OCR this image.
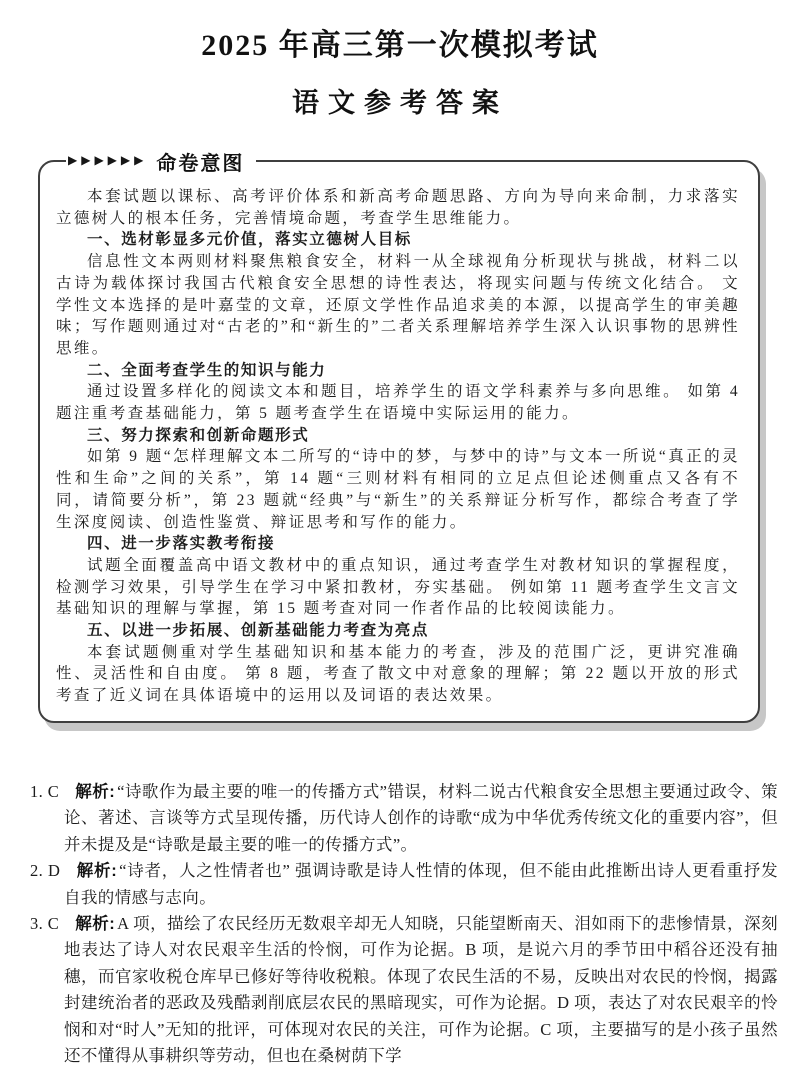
2025 年高三第一次模拟考试
语文参考答案
▶▶▶▶▶▶ 命卷意图

本套试题以课标、高考评价体系和新高考命题思路、方向为导向来命制，力求落实立德树人的根本任务，完善情境命题，考查学生思维能力。

一、选材彰显多元价值，落实立德树人目标

信息性文本两则材料聚焦粮食安全，材料一从全球视角分析现状与挑战，材料二以古诗为载体探讨我国古代粮食安全思想的诗性表达，将现实问题与传统文化结合。 文学性文本选择的是叶嘉莹的文章，还原文学性作品追求美的本源，以提高学生的审美趣味；写作题则通过对“古老的”和“新生的”二者关系理解培养学生深入认识事物的思辨性思维。

二、全面考查学生的知识与能力

通过设置多样化的阅读文本和题目，培养学生的语文学科素养与多向思维。 如第 4 题注重考查基础能力，第 5 题考查学生在语境中实际运用的能力。

三、努力探索和创新命题形式

如第 9 题“怎样理解文本二所写的“诗中的梦，与梦中的诗”与文本一所说“真正的灵性和生命”之间的关系”，第 14 题“三则材料有相同的立足点但论述侧重点又各有不同，请简要分析”，第 23 题就“经典”与“新生”的关系辩证分析写作，都综合考查了学生深度阅读、创造性鉴赏、辩证思考和写作的能力。

四、进一步落实教考衔接

试题全面覆盖高中语文教材中的重点知识，通过考查学生对教材知识的掌握程度，检测学习效果，引导学生在学习中紧扣教材，夯实基础。 例如第 11 题考查学生文言文基础知识的理解与掌握，第 15 题考查对同一作者作品的比较阅读能力。

五、以进一步拓展、创新基础能力考查为亮点

本套试题侧重对学生基础知识和基本能力的考查，涉及的范围广泛，更讲究准确性、灵活性和自由度。 第 8 题，考查了散文中对意象的理解；第 22 题以开放的形式考查了近义词在具体语境中的运用以及词语的表达效果。

1. C 解析: “诗歌作为最主要的唯一的传播方式”错误，材料二说古代粮食安全思想主要通过政令、策论、著述、言谈等方式呈现传播，历代诗人创作的诗歌“成为中华优秀传统文化的重要内容”，但并未提及是“诗歌是最主要的唯一的传播方式”。
2. D 解析: “诗者，人之性情者也” 强调诗歌是诗人性情的体现，但不能由此推断出诗人更看重抒发自我的情感与志向。
3. C 解析: A 项，描绘了农民经历无数艰辛却无人知晓，只能望断南天、泪如雨下的悲惨情景，深刻地表达了诗人对农民艰辛生活的怜悯，可作为论据。B 项，是说六月的季节田中稻谷还没有抽穗，而官家收税仓库早已修好等待收税粮。体现了农民生活的不易，反映出对农民的怜悯，揭露封建统治者的恶政及残酷剥削底层农民的黑暗现实，可作为论据。D 项，表达了对农民艰辛的怜悯和对“时人”无知的批评，可体现对农民的关注，可作为论据。C 项，主要描写的是小孩子虽然还不懂得从事耕织等劳动，但也在桑树荫下学
